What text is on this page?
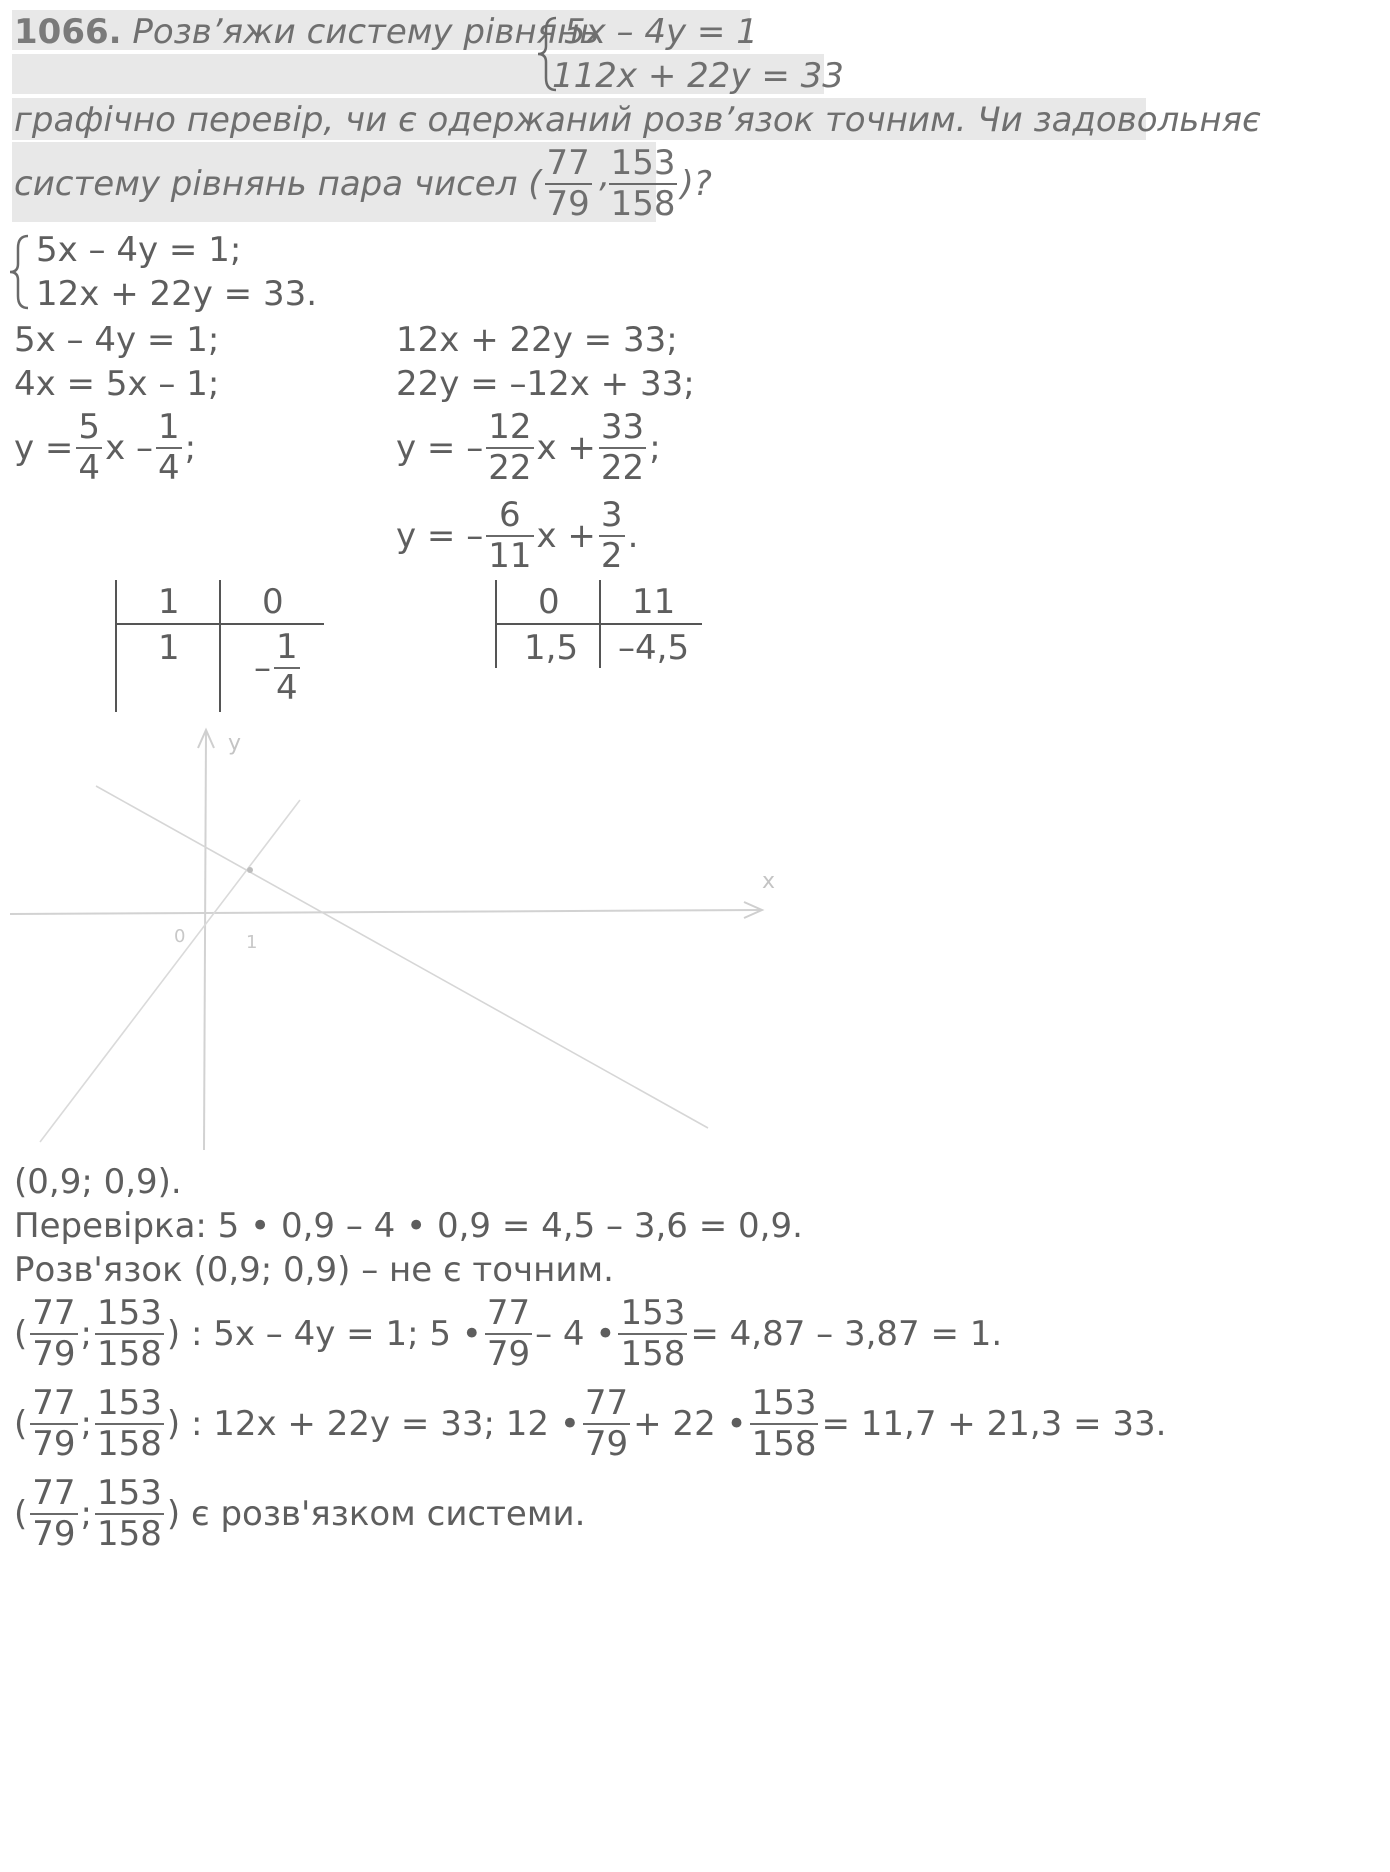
1066. Розв’яжи систему рівнянь
5x – 4y = 1
112x + 22y = 33
графічно перевір, чи є одержаний розв’язок точним. Чи задовольняє
систему рівнянь пара чисел ( $\frac{77}{79}$ ’ $\frac{153}{158}$ )?
5x – 4y = 1;
12x + 22y = 33.
5x – 4y = 1;
4x = 5x – 1;
$y = \frac{5}{4}$ x – $\frac{1}{4}$ ;
12x + 22y = 33;
22y = –12x + 33;
y = – $\frac{12}{22}$ $x + \frac{33}{22}$ ;
y = – $\frac{6}{11}$ $x + \frac{3}{2}$ .
1 0
1
– $\frac{1}{4}$
0 11
1,5 –4,5
y
x
1
0
(0,9; 0,9).
Перевірка: 5 • 0,9 – 4 • 0,9 = 4,5 – 3,6 = 0,9.
Розв'язок (0,9; 0,9) – не є точним.
( $\frac{77}{79}$ ; $\frac{153}{158}$ ) : 5x – 4y = 1; 5 • $\frac{77}{79} - 4$ • $\frac{153}{158} = 4,87 - 3,87 = 1$.
( $\frac{77}{79}$ ; $\frac{153}{158}$ ) : 12x + 22y = 33; 12 • $\frac{77}{79} + 22$ • $\frac{153}{158} = 11,7 + 21,3 = 33$.
( $\frac{77}{79}$ ; $\frac{153}{158}$ ) є розв'язком системи.
